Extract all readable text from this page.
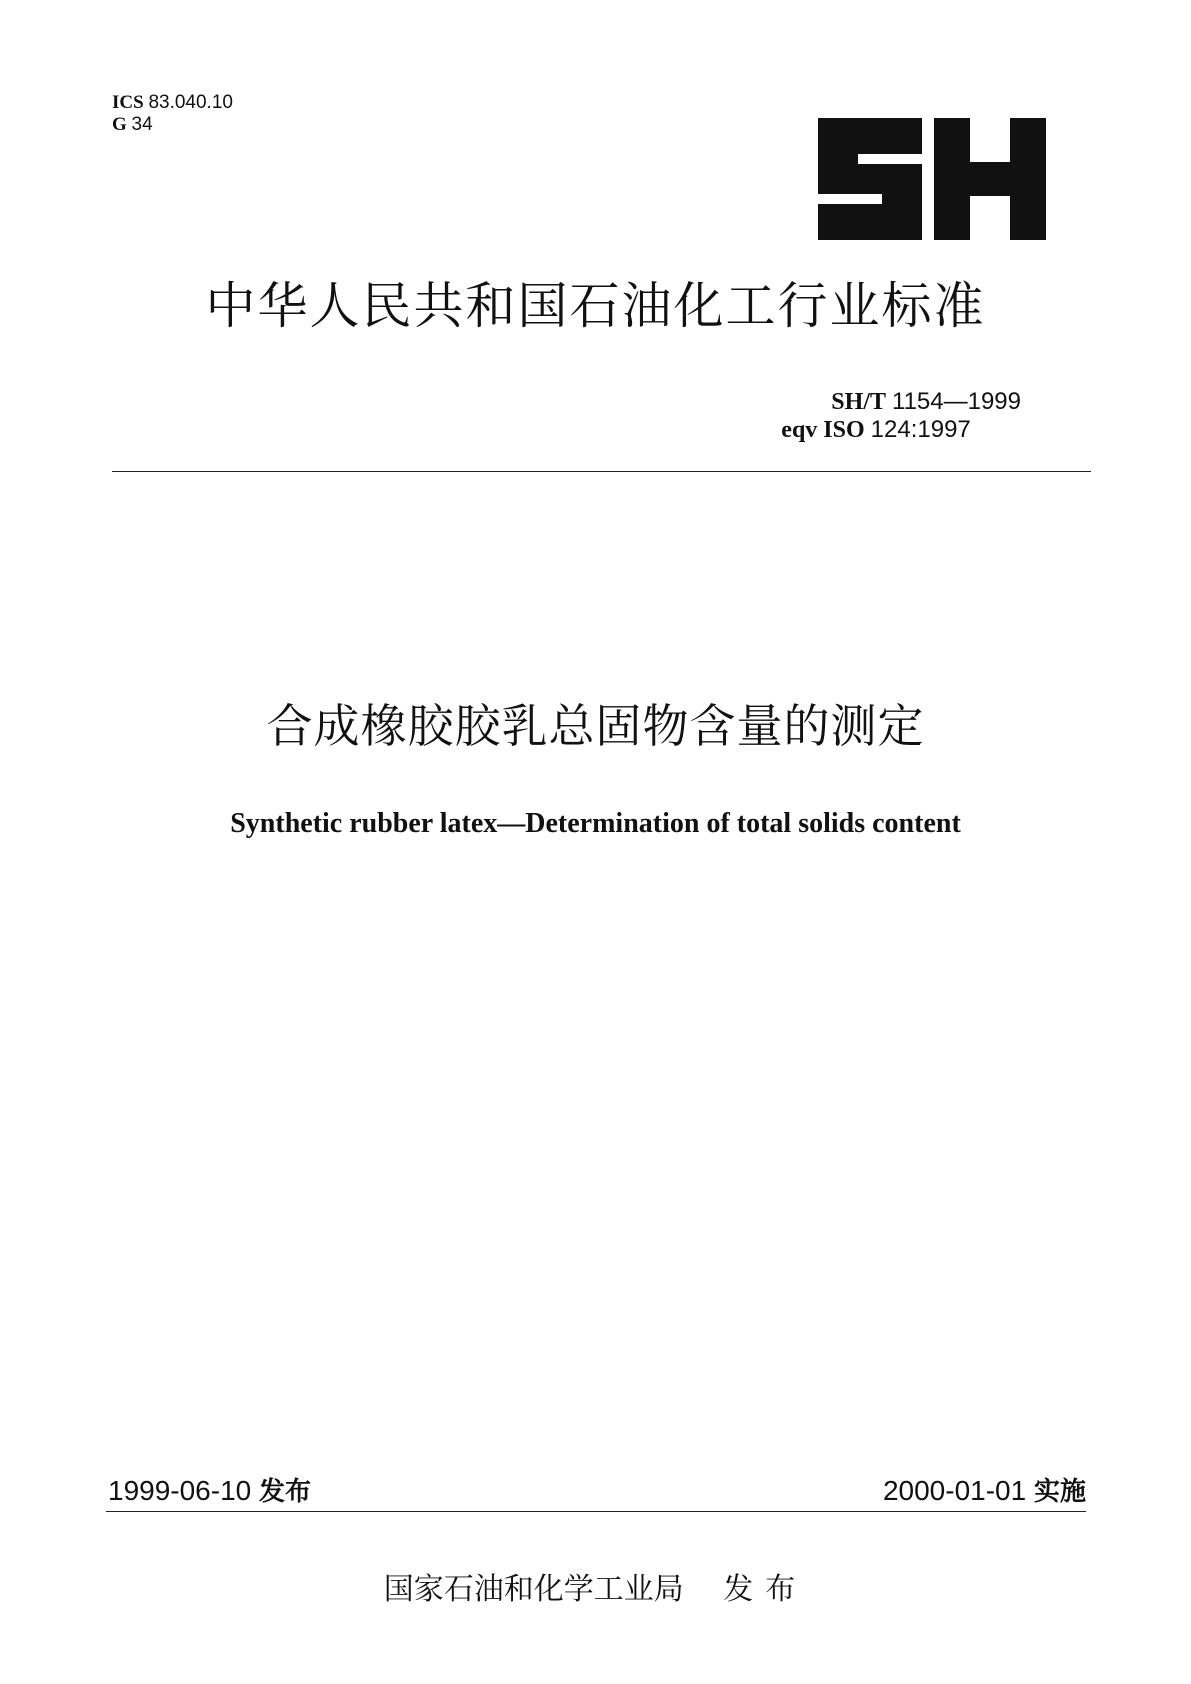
ICS 83.040.10
G 34
中华人民共和国石油化工行业标准
SH/T 1154—1999
eqv ISO 124:1997
合成橡胶胶乳总固物含量的测定
Synthetic rubber latex—Determination of total solids content
1999-06-10 发布	2000-01-01 实施
国家石油和化学工业局 发布
